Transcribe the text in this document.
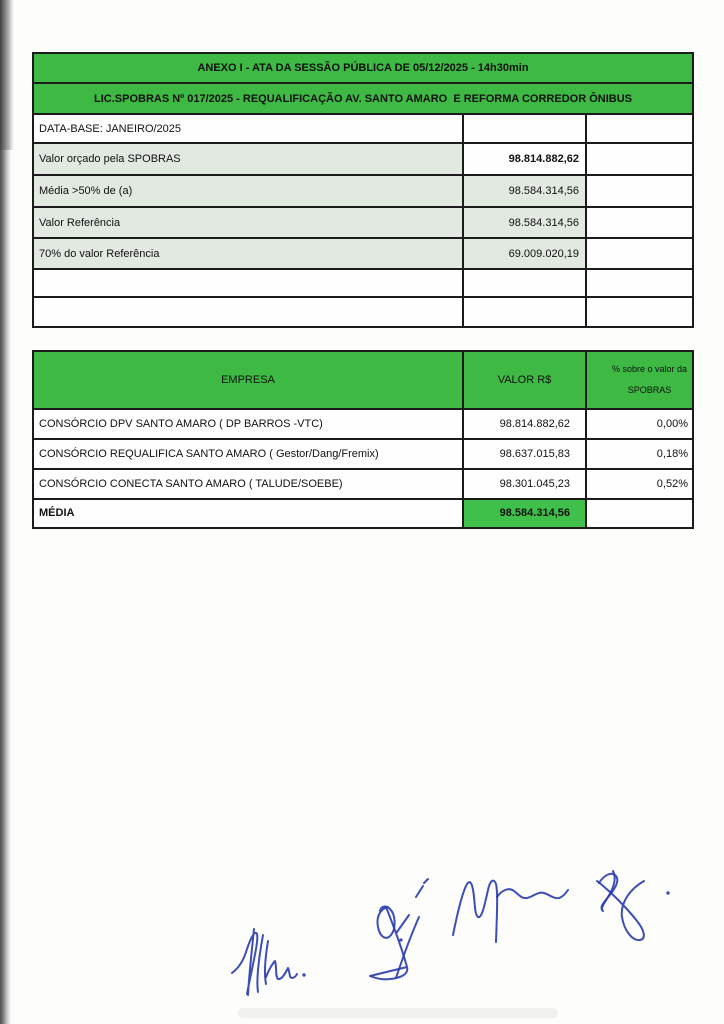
ANEXO I - ATA DA SESSÃO PÚBLICA DE 05/12/2025 - 14h30min		
LIC.SPOBRAS Nº 017/2025 - REQUALIFICAÇÃO AV. SANTO AMARO  E REFORMA CORREDOR ÔNIBUS		
DATA-BASE: JANEIRO/2025		
Valor orçado pela SPOBRAS	98.814.882,62	
Média >50% de (a)	98.584.314,56	
Valor Referência	98.584.314,56	
70% do valor Referência	69.009.020,19	

EMPRESA	VALOR R$	% sobre o valor da

SPOBRAS

CONSÓRCIO DPV SANTO AMARO ( DP BARROS -VTC)	98.814.882,62	0,00%
CONSÓRCIO REQUALIFICA SANTO AMARO ( Gestor/Dang/Fremix)	98.637.015,83	0,18%
CONSÓRCIO CONECTA SANTO AMARO ( TALUDE/SOEBE)	98.301.045,23	0,52%
MÉDIA	98.584.314,56	
